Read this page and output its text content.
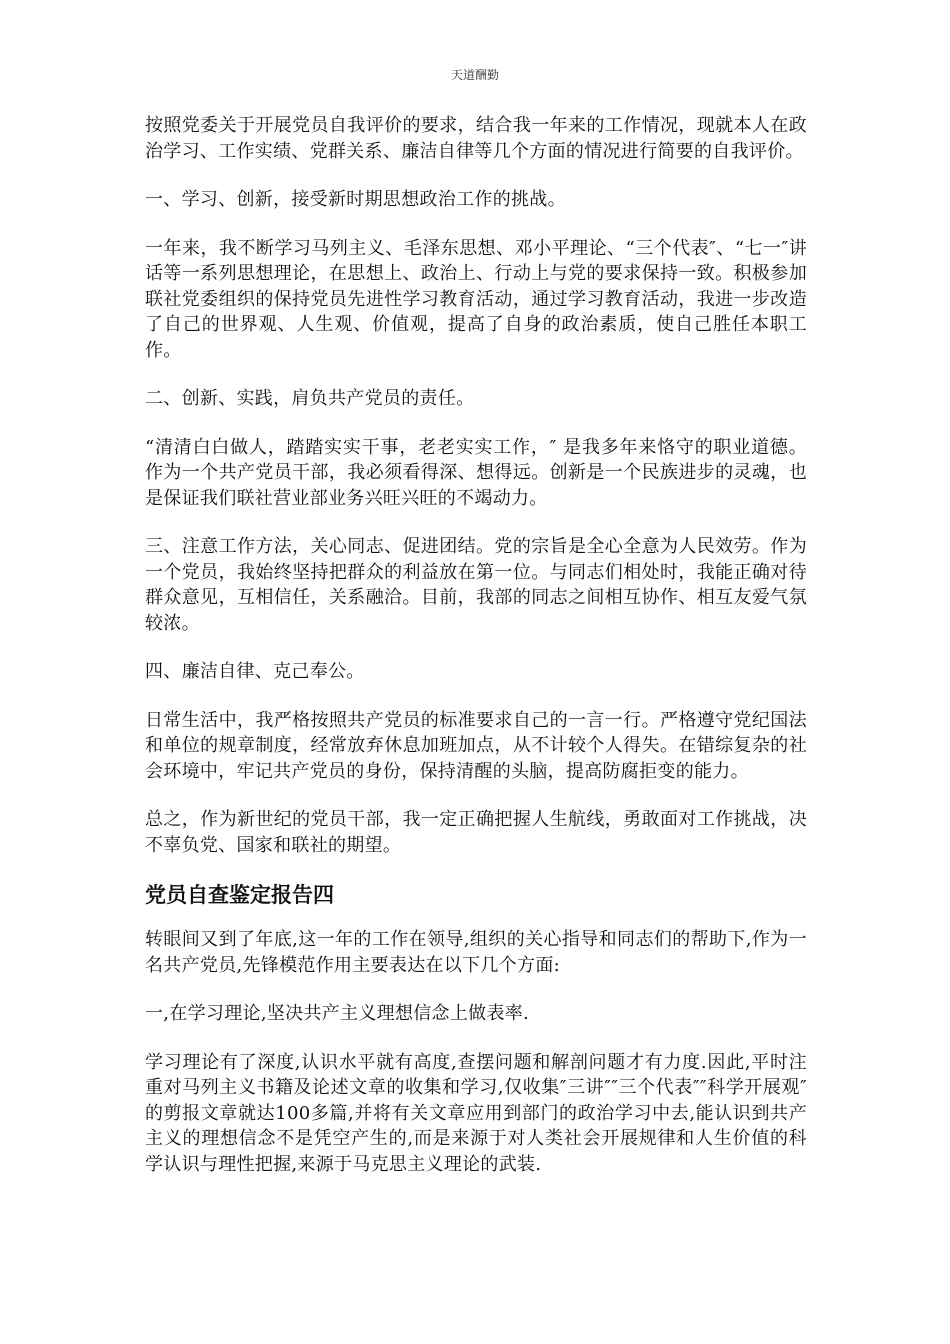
天道酬勤

按照党委关于开展党员自我评价的要求，结合我一年来的工作情况，现就本人在政治学习、工作实绩、党群关系、廉洁自律等几个方面的情况进行简要的自我评价。

一、学习、创新，接受新时期思想政治工作的挑战。

一年来，我不断学习马列主义、毛泽东思想、邓小平理论、“三个代表″、“七一″讲话等一系列思想理论，在思想上、政治上、行动上与党的要求保持一致。积极参加联社党委组织的保持党员先进性学习教育活动，通过学习教育活动，我进一步改造了自己的世界观、人生观、价值观，提高了自身的政治素质，使自己胜任本职工作。

二、创新、实践，肩负共产党员的责任。

“清清白白做人，踏踏实实干事，老老实实工作，″ 是我多年来恪守的职业道德。作为一个共产党员干部，我必须看得深、想得远。创新是一个民族进步的灵魂，也是保证我们联社营业部业务兴旺兴旺的不竭动力。

三、注意工作方法，关心同志、促进团结。党的宗旨是全心全意为人民效劳。作为一个党员，我始终坚持把群众的利益放在第一位。与同志们相处时，我能正确对待群众意见，互相信任，关系融洽。目前，我部的同志之间相互协作、相互友爱气氛较浓。

四、廉洁自律、克己奉公。

日常生活中，我严格按照共产党员的标准要求自己的一言一行。严格遵守党纪国法和单位的规章制度，经常放弃休息加班加点，从不计较个人得失。在错综复杂的社会环境中，牢记共产党员的身份，保持清醒的头脑，提高防腐拒变的能力。

总之，作为新世纪的党员干部，我一定正确把握人生航线，勇敢面对工作挑战，决不辜负党、国家和联社的期望。

党员自查鉴定报告四

转眼间又到了年底,这一年的工作在领导,组织的关心指导和同志们的帮助下,作为一名共产党员,先锋模范作用主要表达在以下几个方面:

一,在学习理论,坚决共产主义理想信念上做表率.

学习理论有了深度,认识水平就有高度,查摆问题和解剖问题才有力度.因此,平时注重对马列主义书籍及论述文章的收集和学习,仅收集″三讲″″三个代表″″科学开展观″的剪报文章就达100多篇,并将有关文章应用到部门的政治学习中去,能认识到共产主义的理想信念不是凭空产生的,而是来源于对人类社会开展规律和人生价值的科学认识与理性把握,来源于马克思主义理论的武装.
